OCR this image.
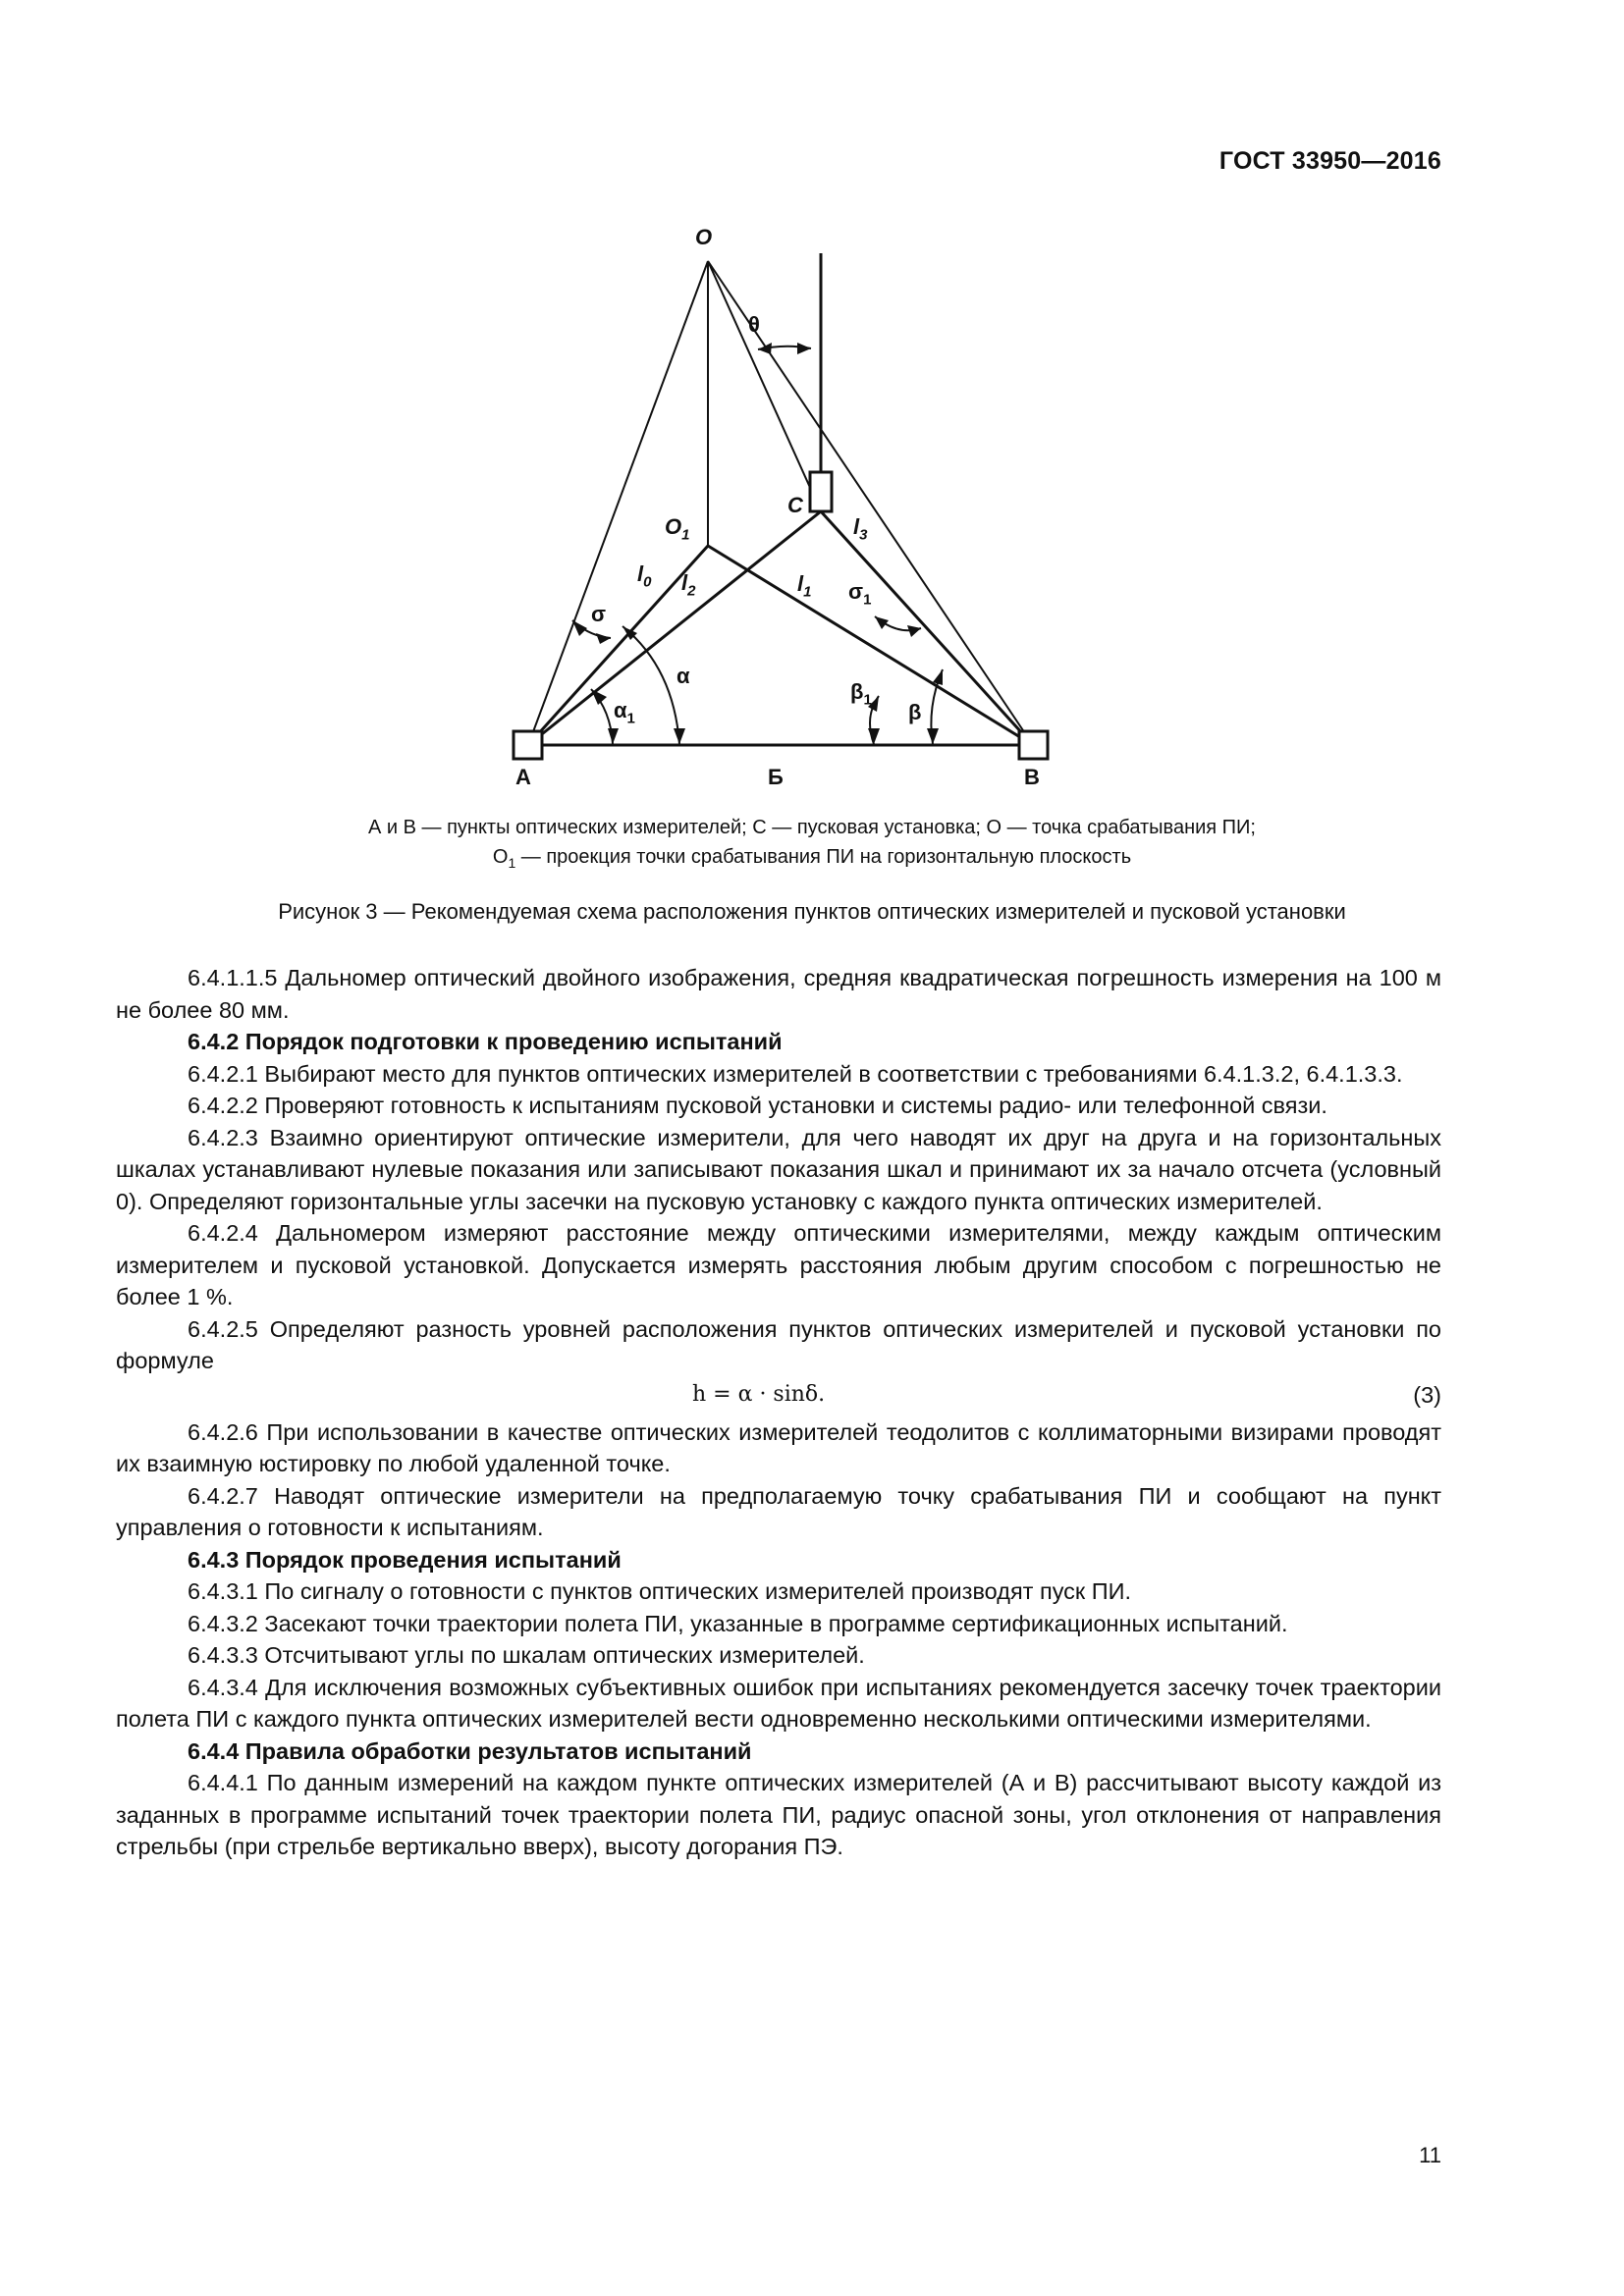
ГОСТ 33950—2016
O
θ
$O_1$
C
$l_3$
$l_0$ $l_2$	$l_1$ $\sigma_1$
σ
α
$\alpha_1$
$\beta_1$
β
А	Б	В
А и В — пункты оптических измерителей; С — пусковая установка; О — точка срабатывания ПИ;
$О_1$ — проекция точки срабатывания ПИ на горизонтальную плоскость
Рисунок 3 — Рекомендуемая схема расположения пунктов оптических измерителей и пусковой установки

6.4.1.1.5 Дальномер оптический двойного изображения, средняя квадратическая погрешность измерения на 100 м не более 80 мм.

6.4.2 Порядок подготовки к проведению испытаний

6.4.2.1 Выбирают место для пунктов оптических измерителей в соответствии с требованиями 6.4.1.3.2, 6.4.1.3.3.

6.4.2.2 Проверяют готовность к испытаниям пусковой установки и системы радио- или телефонной связи.

6.4.2.3 Взаимно ориентируют оптические измерители, для чего наводят их друг на друга и на горизонтальных шкалах устанавливают нулевые показания или записывают показания шкал и принимают их за начало отсчета (условный 0). Определяют горизонтальные углы засечки на пусковую установку с каждого пункта оптических измерителей.

6.4.2.4 Дальномером измеряют расстояние между оптическими измерителями, между каждым оптическим измерителем и пусковой установкой. Допускается измерять расстояния любым другим способом с погрешностью не более 1 %.

6.4.2.5 Определяют разность уровней расположения пунктов оптических измерителей и пусковой установки по формуле

h = α · sinδ.	(3)

6.4.2.6 При использовании в качестве оптических измерителей теодолитов с коллиматорными визирами проводят их взаимную юстировку по любой удаленной точке.

6.4.2.7 Наводят оптические измерители на предполагаемую точку срабатывания ПИ и сообщают на пункт управления о готовности к испытаниям.

6.4.3 Порядок проведения испытаний

6.4.3.1 По сигналу о готовности с пунктов оптических измерителей производят пуск ПИ.

6.4.3.2 Засекают точки траектории полета ПИ, указанные в программе сертификационных испытаний.

6.4.3.3 Отсчитывают углы по шкалам оптических измерителей.

6.4.3.4 Для исключения возможных субъективных ошибок при испытаниях рекомендуется засечку точек траектории полета ПИ с каждого пункта оптических измерителей вести одновременно несколькими оптическими измерителями.

6.4.4 Правила обработки результатов испытаний

6.4.4.1 По данным измерений на каждом пункте оптических измерителей (А и В) рассчитывают высоту каждой из заданных в программе испытаний точек траектории полета ПИ, радиус опасной зоны, угол отклонения от направления стрельбы (при стрельбе вертикально вверх), высоту догорания ПЭ.

11
